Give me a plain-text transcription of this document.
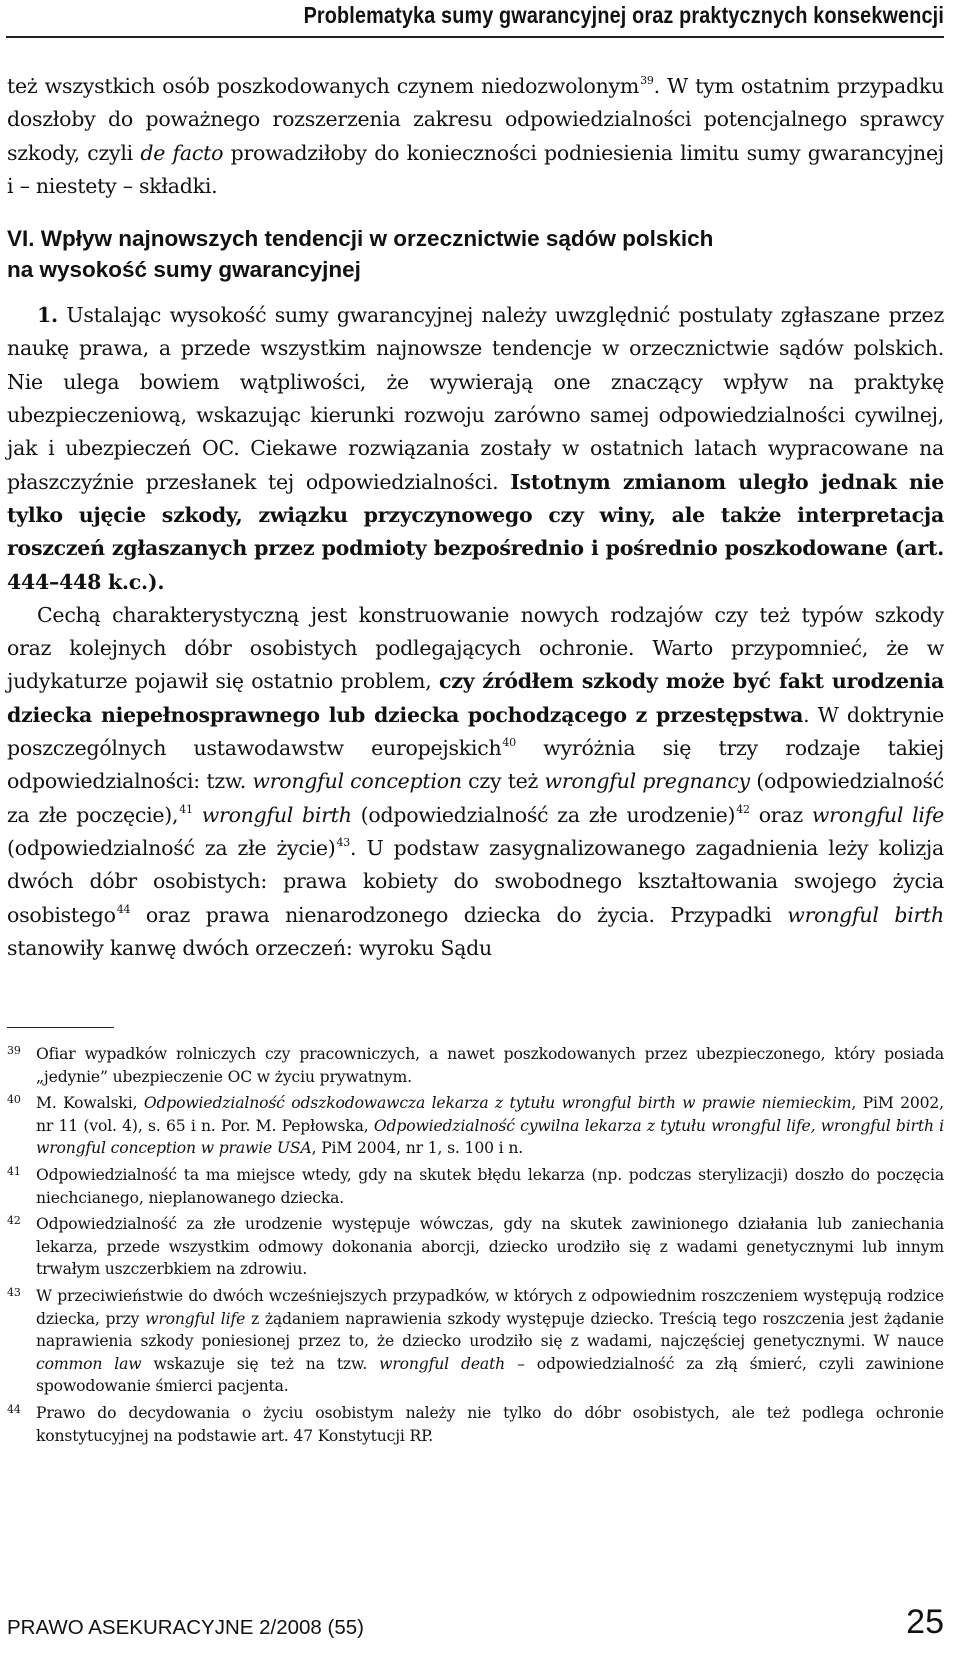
Problematyka sumy gwarancyjnej oraz praktycznych konsekwencji

też wszystkich osób poszkodowanych czynem niedozwolonym$^{39}$. W tym ostatnim przypadku doszłoby do poważnego rozszerzenia zakresu odpowiedzialności potencjalnego sprawcy szkody, czyli de facto prowadziłoby do konieczności podniesienia limitu sumy gwarancyjnej i – niestety – składki.

VI. Wpływ najnowszych tendencji w orzecznictwie sądów polskich
na wysokość sumy gwarancyjnej

1. Ustalając wysokość sumy gwarancyjnej należy uwzględnić postulaty zgłaszane przez naukę prawa, a przede wszystkim najnowsze tendencje w orzecznictwie sądów polskich. Nie ulega bowiem wątpliwości, że wywierają one znaczący wpływ na praktykę ubezpieczeniową, wskazując kierunki rozwoju zarówno samej odpowiedzialności cywilnej, jak i ubezpieczeń OC. Ciekawe rozwiązania zostały w ostatnich latach wypracowane na płaszczyźnie przesłanek tej odpowiedzialności. Istotnym zmianom uległo jednak nie tylko ujęcie szkody, związku przyczynowego czy winy, ale także interpretacja roszczeń zgłaszanych przez podmioty bezpośrednio i pośrednio poszkodowane (art. 444–448 k.c.).

Cechą charakterystyczną jest konstruowanie nowych rodzajów czy też typów szkody oraz kolejnych dóbr osobistych podlegających ochronie. Warto przypomnieć, że w judykaturze pojawił się ostatnio problem, czy źródłem szkody może być fakt urodzenia dziecka niepełnosprawnego lub dziecka pochodzącego z przestępstwa. W doktrynie poszczególnych ustawodawstw europejskich$^{40}$ wyróżnia się trzy rodzaje takiej odpowiedzialności: tzw. wrongful conception czy też wrongful pregnancy (odpowiedzialność za złe poczęcie),$^{41}$ wrongful birth (odpowiedzialność za złe urodzenie)$^{42}$ oraz wrongful life (odpowiedzialność za złe życie)$^{43}$. U podstaw zasygnalizowanego zagadnienia leży kolizja dwóch dóbr osobistych: prawa kobiety do swobodnego kształtowania swojego życia osobistego$^{44}$ oraz prawa nienarodzonego dziecka do życia. Przypadki wrongful birth stanowiły kanwę dwóch orzeczeń: wyroku Sądu

39 Ofiar wypadków rolniczych czy pracowniczych, a nawet poszkodowanych przez ubezpieczonego, który posiada „jedynie” ubezpieczenie OC w życiu prywatnym.
40 M. Kowalski, Odpowiedzialność odszkodowawcza lekarza z tytułu wrongful birth w prawie niemieckim, PiM 2002, nr 11 (vol. 4), s. 65 i n. Por. M. Pepłowska, Odpowiedzialność cywilna lekarza z tytułu wrongful life, wrongful birth i wrongful conception w prawie USA, PiM 2004, nr 1, s. 100 i n.
41 Odpowiedzialność ta ma miejsce wtedy, gdy na skutek błędu lekarza (np. podczas sterylizacji) doszło do poczęcia niechcianego, nieplanowanego dziecka.
42 Odpowiedzialność za złe urodzenie występuje wówczas, gdy na skutek zawinionego działania lub zaniechania lekarza, przede wszystkim odmowy dokonania aborcji, dziecko urodziło się z wadami genetycznymi lub innym trwałym uszczerbkiem na zdrowiu.
43 W przeciwieństwie do dwóch wcześniejszych przypadków, w których z odpowiednim roszczeniem występują rodzice dziecka, przy wrongful life z żądaniem naprawienia szkody występuje dziecko. Treścią tego roszczenia jest żądanie naprawienia szkody poniesionej przez to, że dziecko urodziło się z wadami, najczęściej genetycznymi. W nauce common law wskazuje się też na tzw. wrongful death – odpowiedzialność za złą śmierć, czyli zawinione spowodowanie śmierci pacjenta.
44 Prawo do decydowania o życiu osobistym należy nie tylko do dóbr osobistych, ale też podlega ochronie konstytucyjnej na podstawie art. 47 Konstytucji RP.
PRAWO ASEKURACYJNE 2/2008 (55)	25
